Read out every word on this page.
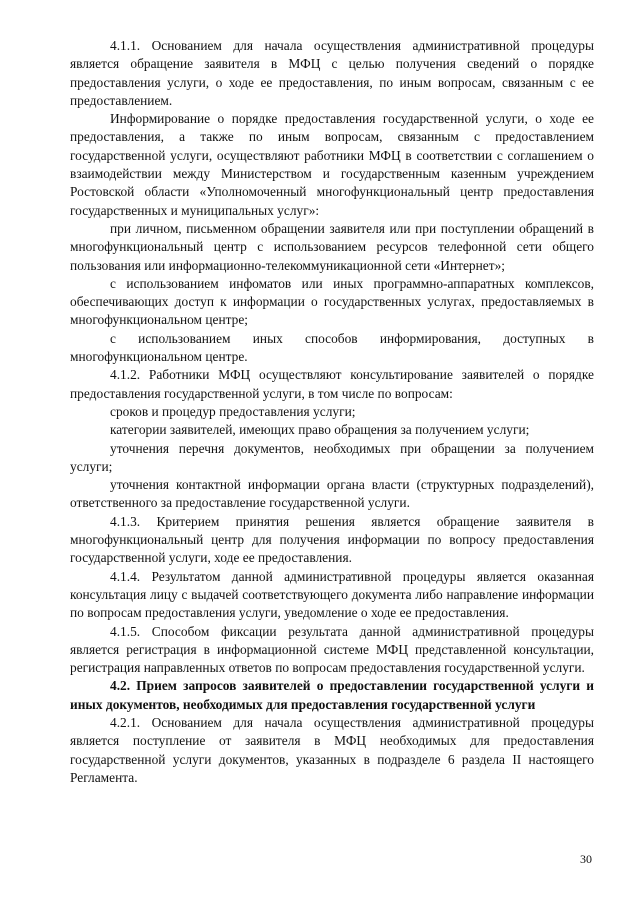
4.1.1. Основанием для начала осуществления административной процедуры является обращение заявителя в МФЦ с целью получения сведений о порядке предоставления услуги, о ходе ее предоставления, по иным вопросам, связанным с ее предоставлением.

Информирование о порядке предоставления государственной услуги, о ходе ее предоставления, а также по иным вопросам, связанным с предоставлением государственной услуги, осуществляют работники МФЦ в соответствии с соглашением о взаимодействии между Министерством и государственным казенным учреждением Ростовской области «Уполномоченный многофункциональный центр предоставления государственных и муниципальных услуг»:

при личном, письменном обращении заявителя или при поступлении обращений в многофункциональный центр с использованием ресурсов телефонной сети общего пользования или информационно-телекоммуникационной сети «Интернет»;

с использованием инфоматов или иных программно-аппаратных комплексов, обеспечивающих доступ к информации о государственных услугах, предоставляемых в многофункциональном центре;

с использованием иных способов информирования, доступных в многофункциональном центре.

4.1.2. Работники МФЦ осуществляют консультирование заявителей о порядке предоставления государственной услуги, в том числе по вопросам:

сроков и процедур предоставления услуги;

категории заявителей, имеющих право обращения за получением услуги;

уточнения перечня документов, необходимых при обращении за получением услуги;

уточнения контактной информации органа власти (структурных подразделений), ответственного за предоставление государственной услуги.

4.1.3. Критерием принятия решения является обращение заявителя в многофункциональный центр для получения информации по вопросу предоставления государственной услуги, ходе ее предоставления.

4.1.4. Результатом данной административной процедуры является оказанная консультация лицу с выдачей соответствующего документа либо направление информации по вопросам предоставления услуги, уведомление о ходе ее предоставления.

4.1.5. Способом фиксации результата данной административной процедуры является регистрация в информационной системе МФЦ представленной консультации, регистрация направленных ответов по вопросам предоставления государственной услуги.

4.2. Прием запросов заявителей о предоставлении государственной услуги и иных документов, необходимых для предоставления государственной услуги

4.2.1. Основанием для начала осуществления административной процедуры является поступление от заявителя в МФЦ необходимых для предоставления государственной услуги документов, указанных в подразделе 6 раздела II настоящего Регламента.

30
